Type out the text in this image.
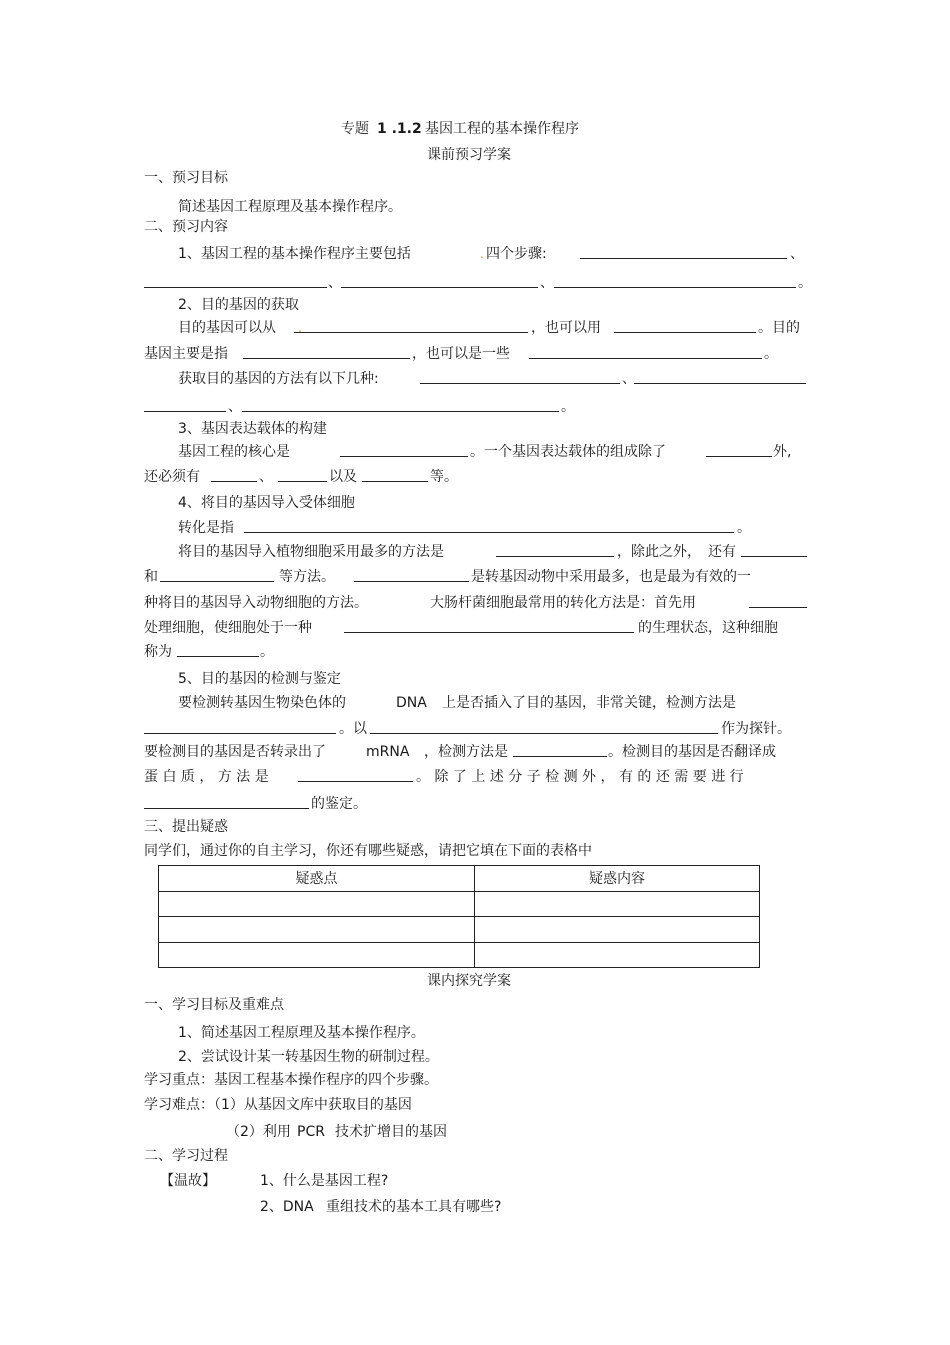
专题 1 .1.2 基因工程的基本操作程序
课前预习学案
一、预习目标
简述基因工程原理及基本操作程序。
二、预习内容
1、基因工程的基本操作程序主要包括	. 四个步骤:	、
、	、	。
2、目的基因的获取
目的基因可以从 .	，也可以用	。目的
基因主要是指	，也可以是一些	。
获取目的基因的方法有以下几种:	、
、	。
3、基因表达载体的构建
基因工程的核心是	。一个基因表达载体的组成除了	外,
还必须有	、	以及	等。
4、将目的基因导入受体细胞
转化是指	。
将目的基因导入植物细胞采用最多的方法是	，除此之外， 还有
和	等方法。	是转基因动物中采用最多，也是最为有效的一
种将目的基因导入动物细胞的方法。	大肠杆菌细胞最常用的转化方法是：首先用
处理细胞，使细胞处于一种	的生理状态，这种细胞
称为	。
5、目的基因的检测与鉴定
要检测转基因生物染色体的	DNA 上是否插入了目的基因，非常关键，检测方法是
。以	作为探针。
要检测目的基因是否转录出了	mRNA ，检测方法是	。检测目的基因是否翻译成
蛋 白 质 ， 方 法 是	。 除 了 上 述 分 子 检 测 外 ， 有 的 还 需 要 进 行
的鉴定。
三、提出疑惑
同学们，通过你的自主学习，你还有哪些疑惑，请把它填在下面的表格中
疑惑点	疑惑内容

课内探究学案
一、学习目标及重难点
1、简述基因工程原理及基本操作程序。
2、尝试设计某一转基因生物的研制过程。
学习重点：基因工程基本操作程序的四个步骤。
学习难点：（1）从基因文库中获取目的基因
（2）利用 PCR 技术扩增目的基因
二、学习过程
【温故】	1、什么是基因工程?
2、DNA 重组技术的基本工具有哪些?
